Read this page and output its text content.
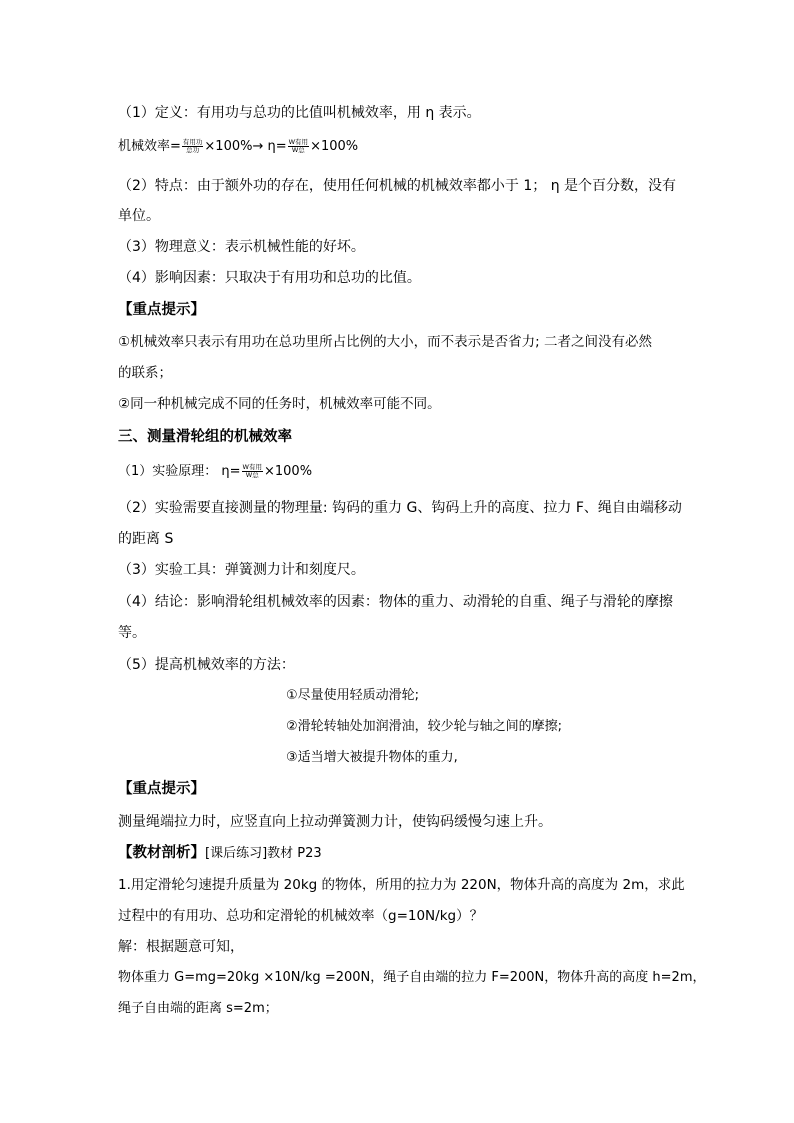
（1）定义：有用功与总功的比值叫机械效率，用 η 表示。
机械效率= $\frac{\text{有用功}}{\text{总功}} \times 100\%\to \eta= \frac{\text{W有用}}{\text{W总}} \times 100\%$
（2）特点：由于额外功的存在，使用任何机械的机械效率都小于 1； η 是个百分数，没有
单位。
（3）物理意义：表示机械性能的好坏。
（4）影响因素：只取决于有用功和总功的比值。
【重点提示】
①机械效率只表示有用功在总功里所占比例的大小，而不表示是否省力; 二者之间没有必然
的联系；
②同一种机械完成不同的任务时，机械效率可能不同。
三、测量滑轮组的机械效率
（1）实验原理： $\eta= \frac{\text{W有用}}{\text{W总}} \times 100\%$
（2）实验需要直接测量的物理量: 钩码的重力 G、钩码上升的高度、拉力 F、绳自由端移动
的距离 S
（3）实验工具：弹簧测力计和刻度尺。
（4）结论：影响滑轮组机械效率的因素：物体的重力、动滑轮的自重、绳子与滑轮的摩擦
等。
（5）提高机械效率的方法：
①尽量使用轻质动滑轮;
②滑轮转轴处加润滑油，较少轮与轴之间的摩擦;
③适当增大被提升物体的重力,
【重点提示】
测量绳端拉力时，应竖直向上拉动弹簧测力计，使钩码缓慢匀速上升。
【教材剖析】[课后练习]教材 P23
1.用定滑轮匀速提升质量为 20kg 的物体，所用的拉力为 220N，物体升高的高度为 2m，求此
过程中的有用功、总功和定滑轮的机械效率（g=10N/kg）？
解：根据题意可知，
物体重力 G=mg=20kg ×10N/kg =200N，绳子自由端的拉力 F=200N，物体升高的高度 h=2m，
绳子自由端的距离 s=2m；
